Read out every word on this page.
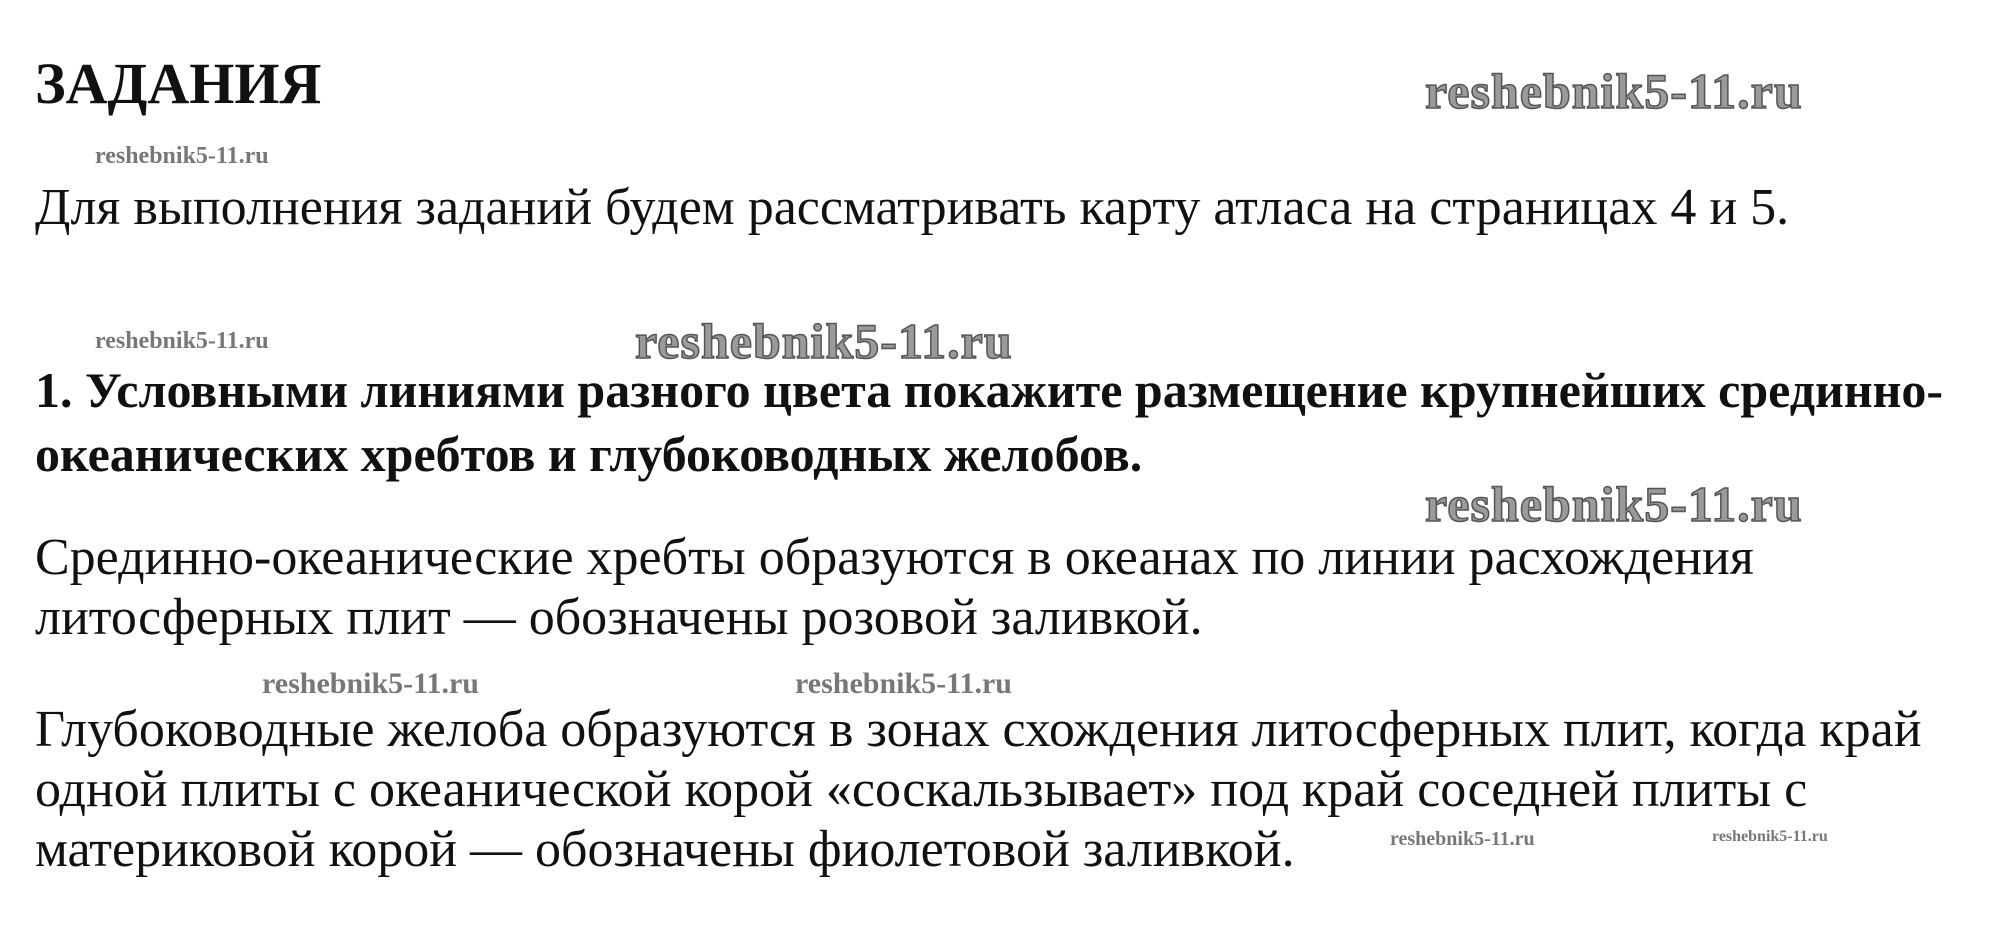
ЗАДАНИЯ

Для выполнения заданий будем рассматривать карту атласа на страницах 4 и 5.

1. Условными линиями разного цвета покажите размещение крупнейших срединно-океанических хребтов и глубоководных желобов.

Срединно-океанические хребты образуются в океанах по линии расхождения литосферных плит — обозначены розовой заливкой.

Глубоководные желоба образуются в зонах схождения литосферных плит, когда край одной плиты с океанической корой «соскальзывает» под край соседней плиты с материковой корой — обозначены фиолетовой заливкой.

reshebnik5-11.ru
reshebnik5-11.ru
reshebnik5-11.ru	reshebnik5-11.ru
reshebnik5-11.ru
reshebnik5-11.ru	reshebnik5-11.ru
reshebnik5-11.ru	reshebnik5-11.ru
